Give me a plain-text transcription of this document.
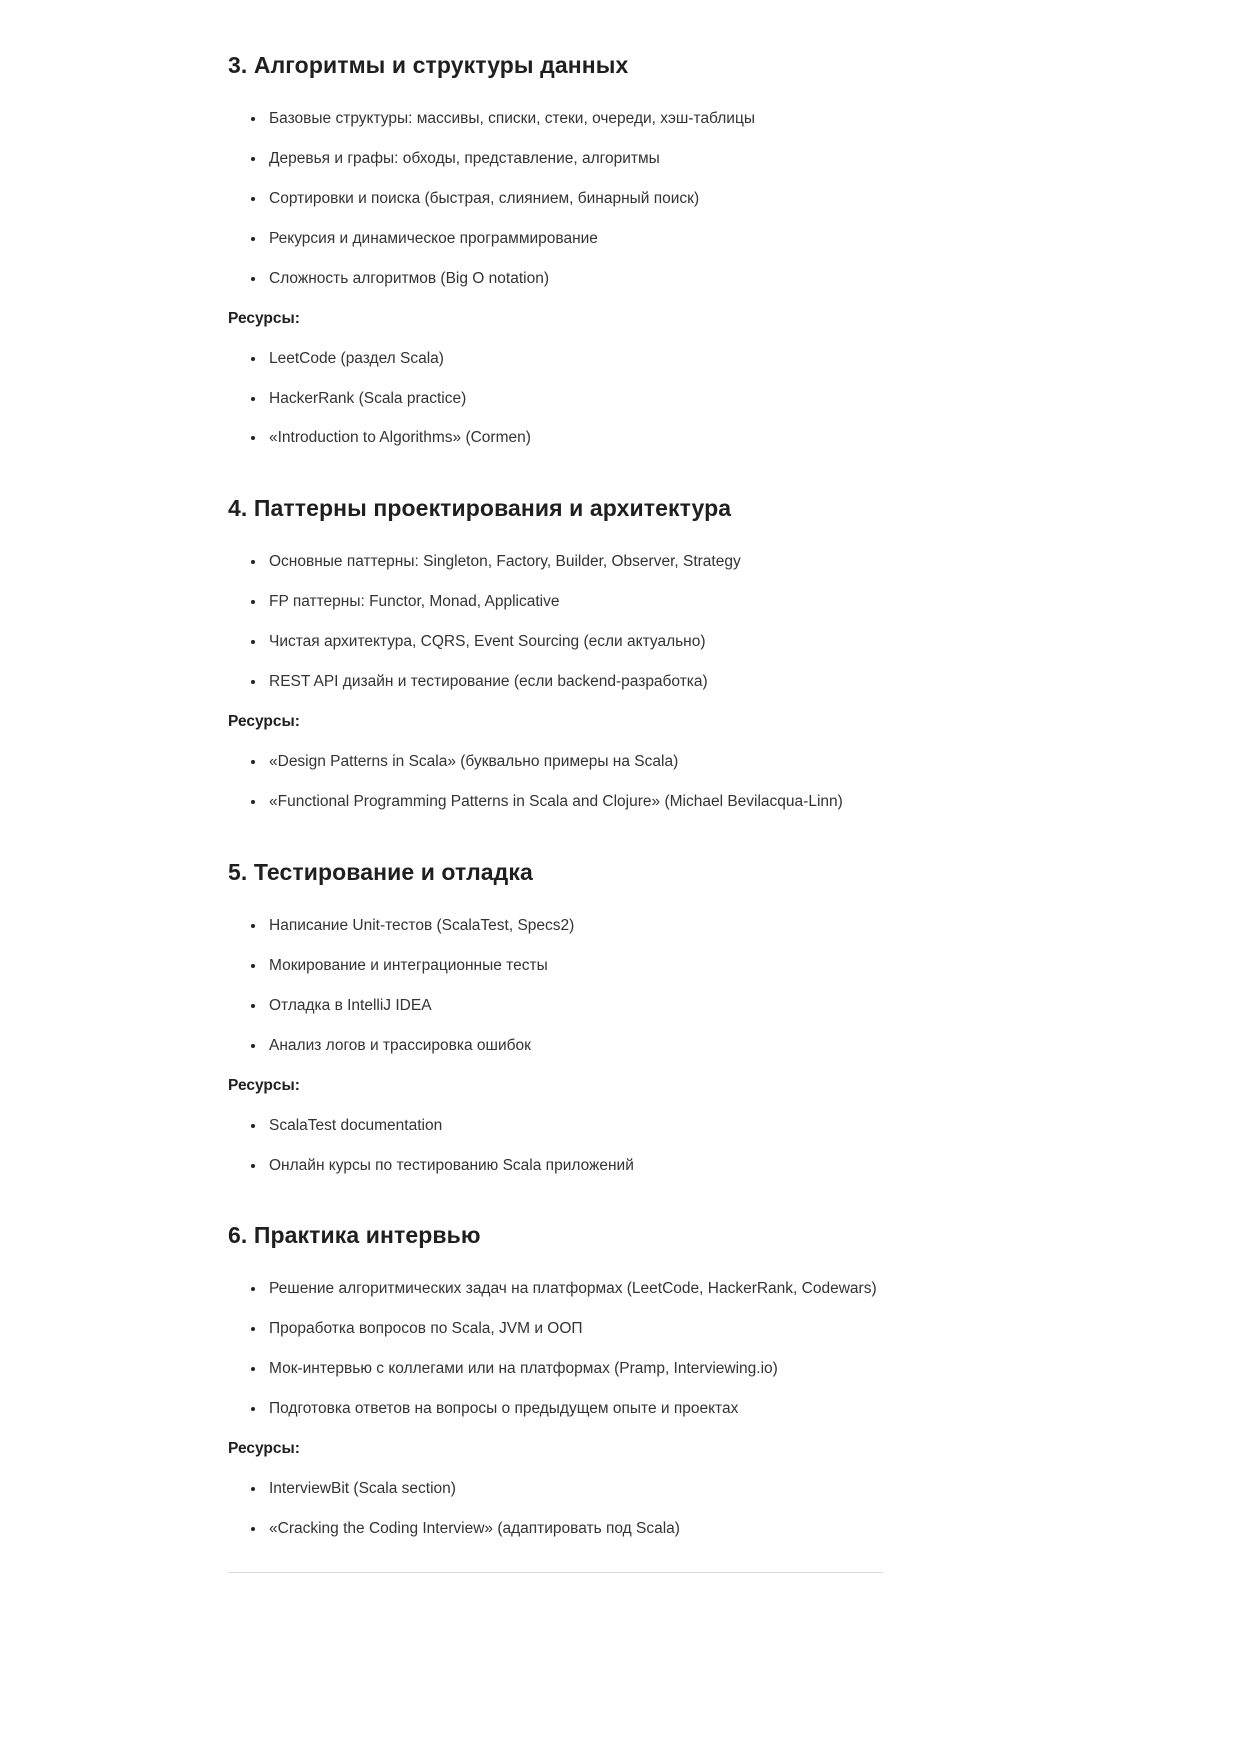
3. Алгоритмы и структуры данных
• Базовые структуры: массивы, списки, стеки, очереди, хэш-таблицы
• Деревья и графы: обходы, представление, алгоритмы
• Сортировки и поиска (быстрая, слиянием, бинарный поиск)
• Рекурсия и динамическое программирование
• Сложность алгоритмов (Big O notation)

Ресурсы:

• LeetCode (раздел Scala)
• HackerRank (Scala practice)
• «Introduction to Algorithms» (Cormen)
4. Паттерны проектирования и архитектура
• Основные паттерны: Singleton, Factory, Builder, Observer, Strategy
• FP паттерны: Functor, Monad, Applicative
• Чистая архитектура, CQRS, Event Sourcing (если актуально)
• REST API дизайн и тестирование (если backend-разработка)

Ресурсы:

• «Design Patterns in Scala» (буквально примеры на Scala)
• «Functional Programming Patterns in Scala and Clojure» (Michael Bevilacqua-Linn)
5. Тестирование и отладка
• Написание Unit-тестов (ScalaTest, Specs2)
• Мокирование и интеграционные тесты
• Отладка в IntelliJ IDEA
• Анализ логов и трассировка ошибок

Ресурсы:

• ScalaTest documentation
• Онлайн курсы по тестированию Scala приложений
6. Практика интервью
• Решение алгоритмических задач на платформах (LeetCode, HackerRank, Codewars)
• Проработка вопросов по Scala, JVM и ООП
• Мок-интервью с коллегами или на платформах (Pramp, Interviewing.io)
• Подготовка ответов на вопросы о предыдущем опыте и проектах

Ресурсы:

• InterviewBit (Scala section)
• «Cracking the Coding Interview» (адаптировать под Scala)
